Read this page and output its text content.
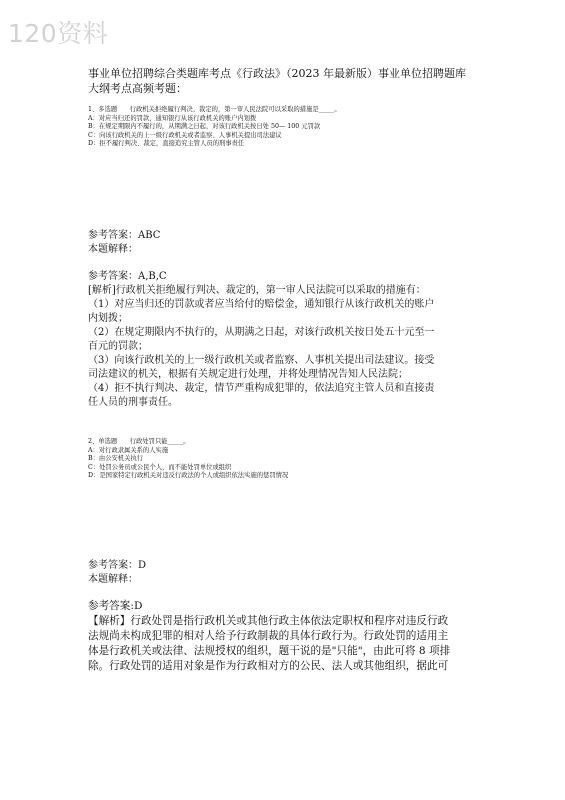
120资料

事业单位招聘综合类题库考点《行政法》（2023 年最新版）事业单位招聘题库

大纲考点高频考题：

1、多选题　　行政机关拒绝履行判决、裁定的，第一审人民法院可以采取的措施是_____。
A：对应当归还的罚款，通知银行从该行政机关的账户内划拨
B：在规定期限内不履行的，从期满之日起，对该行政机关按日处 50— 100 元罚款
C：向该行政机关的上一级行政机关或者监察、人事机关提出司法建议
D：拒不履行判决、裁定，直接追究主管人员的刑事责任
参考答案：ABC
本题解释：

参考答案：A,B,C

[解析]行政机关拒绝履行判决、裁定的，第一审人民法院可以采取的措施有：

（1）对应当归还的罚款或者应当给付的赔偿金，通知银行从该行政机关的账户

内划拨；

（2）在规定期限内不执行的，从期满之日起，对该行政机关按日处五十元至一

百元的罚款；

（3）向该行政机关的上一级行政机关或者监察、人事机关提出司法建议。接受

司法建议的机关，根据有关规定进行处理，并将处理情况告知人民法院；

（4）拒不执行判决、裁定，情节严重构成犯罪的，依法追究主管人员和直接责

任人员的刑事责任。

2、单选题　　行政处罚只能_____。
A：对行政隶属关系的人实施
B：由公安机关执行
C：处罚公务员或公民个人，而不能处罚单位或组织
D：是国家特定行政机关对违反行政法的个人或组织依法实施的惩罚情况
参考答案：D
本题解释：

参考答案:D

【解析】行政处罚是指行政机关或其他行政主体依法定职权和程序对违反行政

法规尚未构成犯罪的相对人给予行政制裁的具体行政行为。行政处罚的适用主

体是行政机关或法律、法规授权的组织，题干说的是"只能"，由此可将 8 项排

除。行政处罚的适用对象是作为行政相对方的公民、法人或其他组织，据此可
